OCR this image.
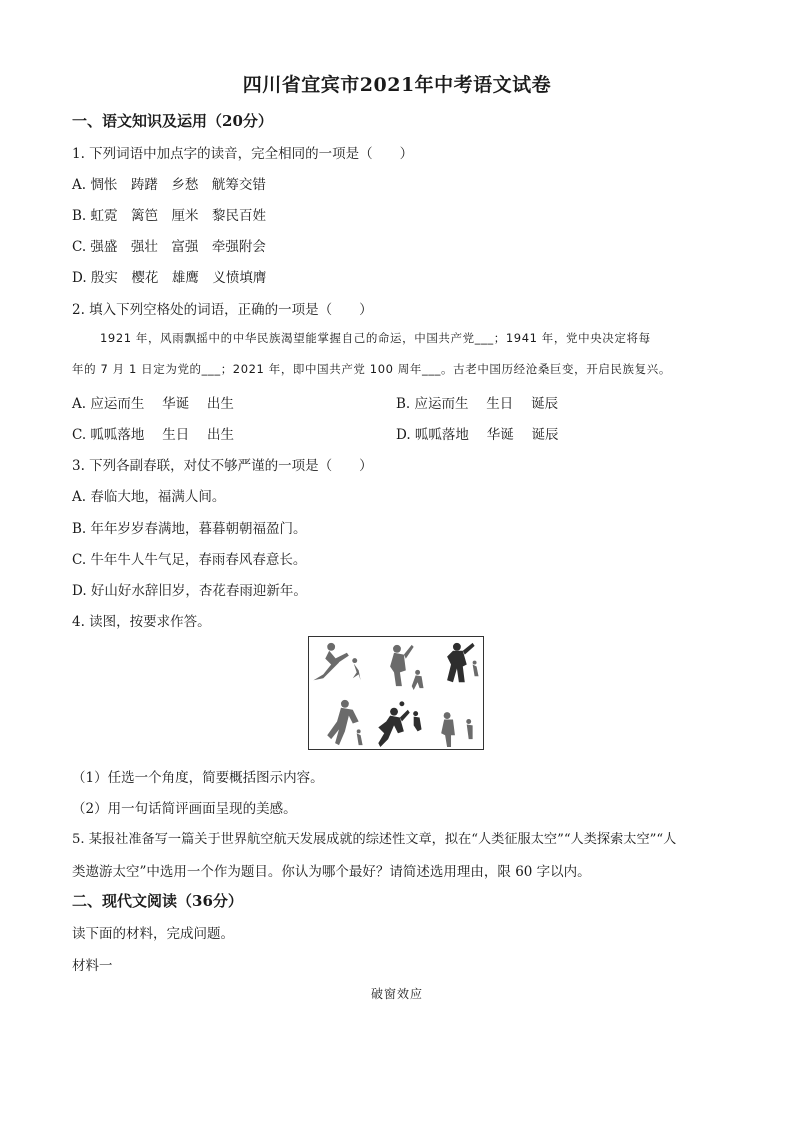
四川省宜宾市2021年中考语文试卷
一、语文知识及运用（20分）
1. 下列词语中加点字的读音，完全相同的一项是（　　）
A. 惆怅　踌躇　乡愁　觥筹交错
B. 虹霓　篱笆　厘米　黎民百姓
C. 强盛　强壮　富强　牵强附会
D. 殷实　樱花　雄鹰　义愤填膺
2. 填入下列空格处的词语，正确的一项是（　　）
1921 年，风雨飘摇中的中华民族渴望能掌握自己的命运，中国共产党___；1941 年，党中央决定将每
年的 7 月 1 日定为党的___；2021 年，即中国共产党 100 周年___。古老中国历经沧桑巨变，开启民族复兴。
A. 应运而生　 华诞　 出生	B. 应运而生　 生日　 诞辰
C. 呱呱落地　 生日　 出生	D. 呱呱落地　 华诞　 诞辰
3. 下列各副春联，对仗不够严谨的一项是（　　）
A. 春临大地，福满人间。
B. 年年岁岁春满地，暮暮朝朝福盈门。
C. 牛年牛人牛气足，春雨春风春意长。
D. 好山好水辞旧岁，杏花春雨迎新年。
4. 读图，按要求作答。
（1）任选一个角度，简要概括图示内容。
（2）用一句话简评画面呈现的美感。
5. 某报社准备写一篇关于世界航空航天发展成就的综述性文章，拟在“人类征服太空”“人类探索太空”“人
类遨游太空”中选用一个作为题目。你认为哪个最好？请简述选用理由，限 60 字以内。
二、现代文阅读（36分）
读下面的材料，完成问题。
材料一
破窗效应
